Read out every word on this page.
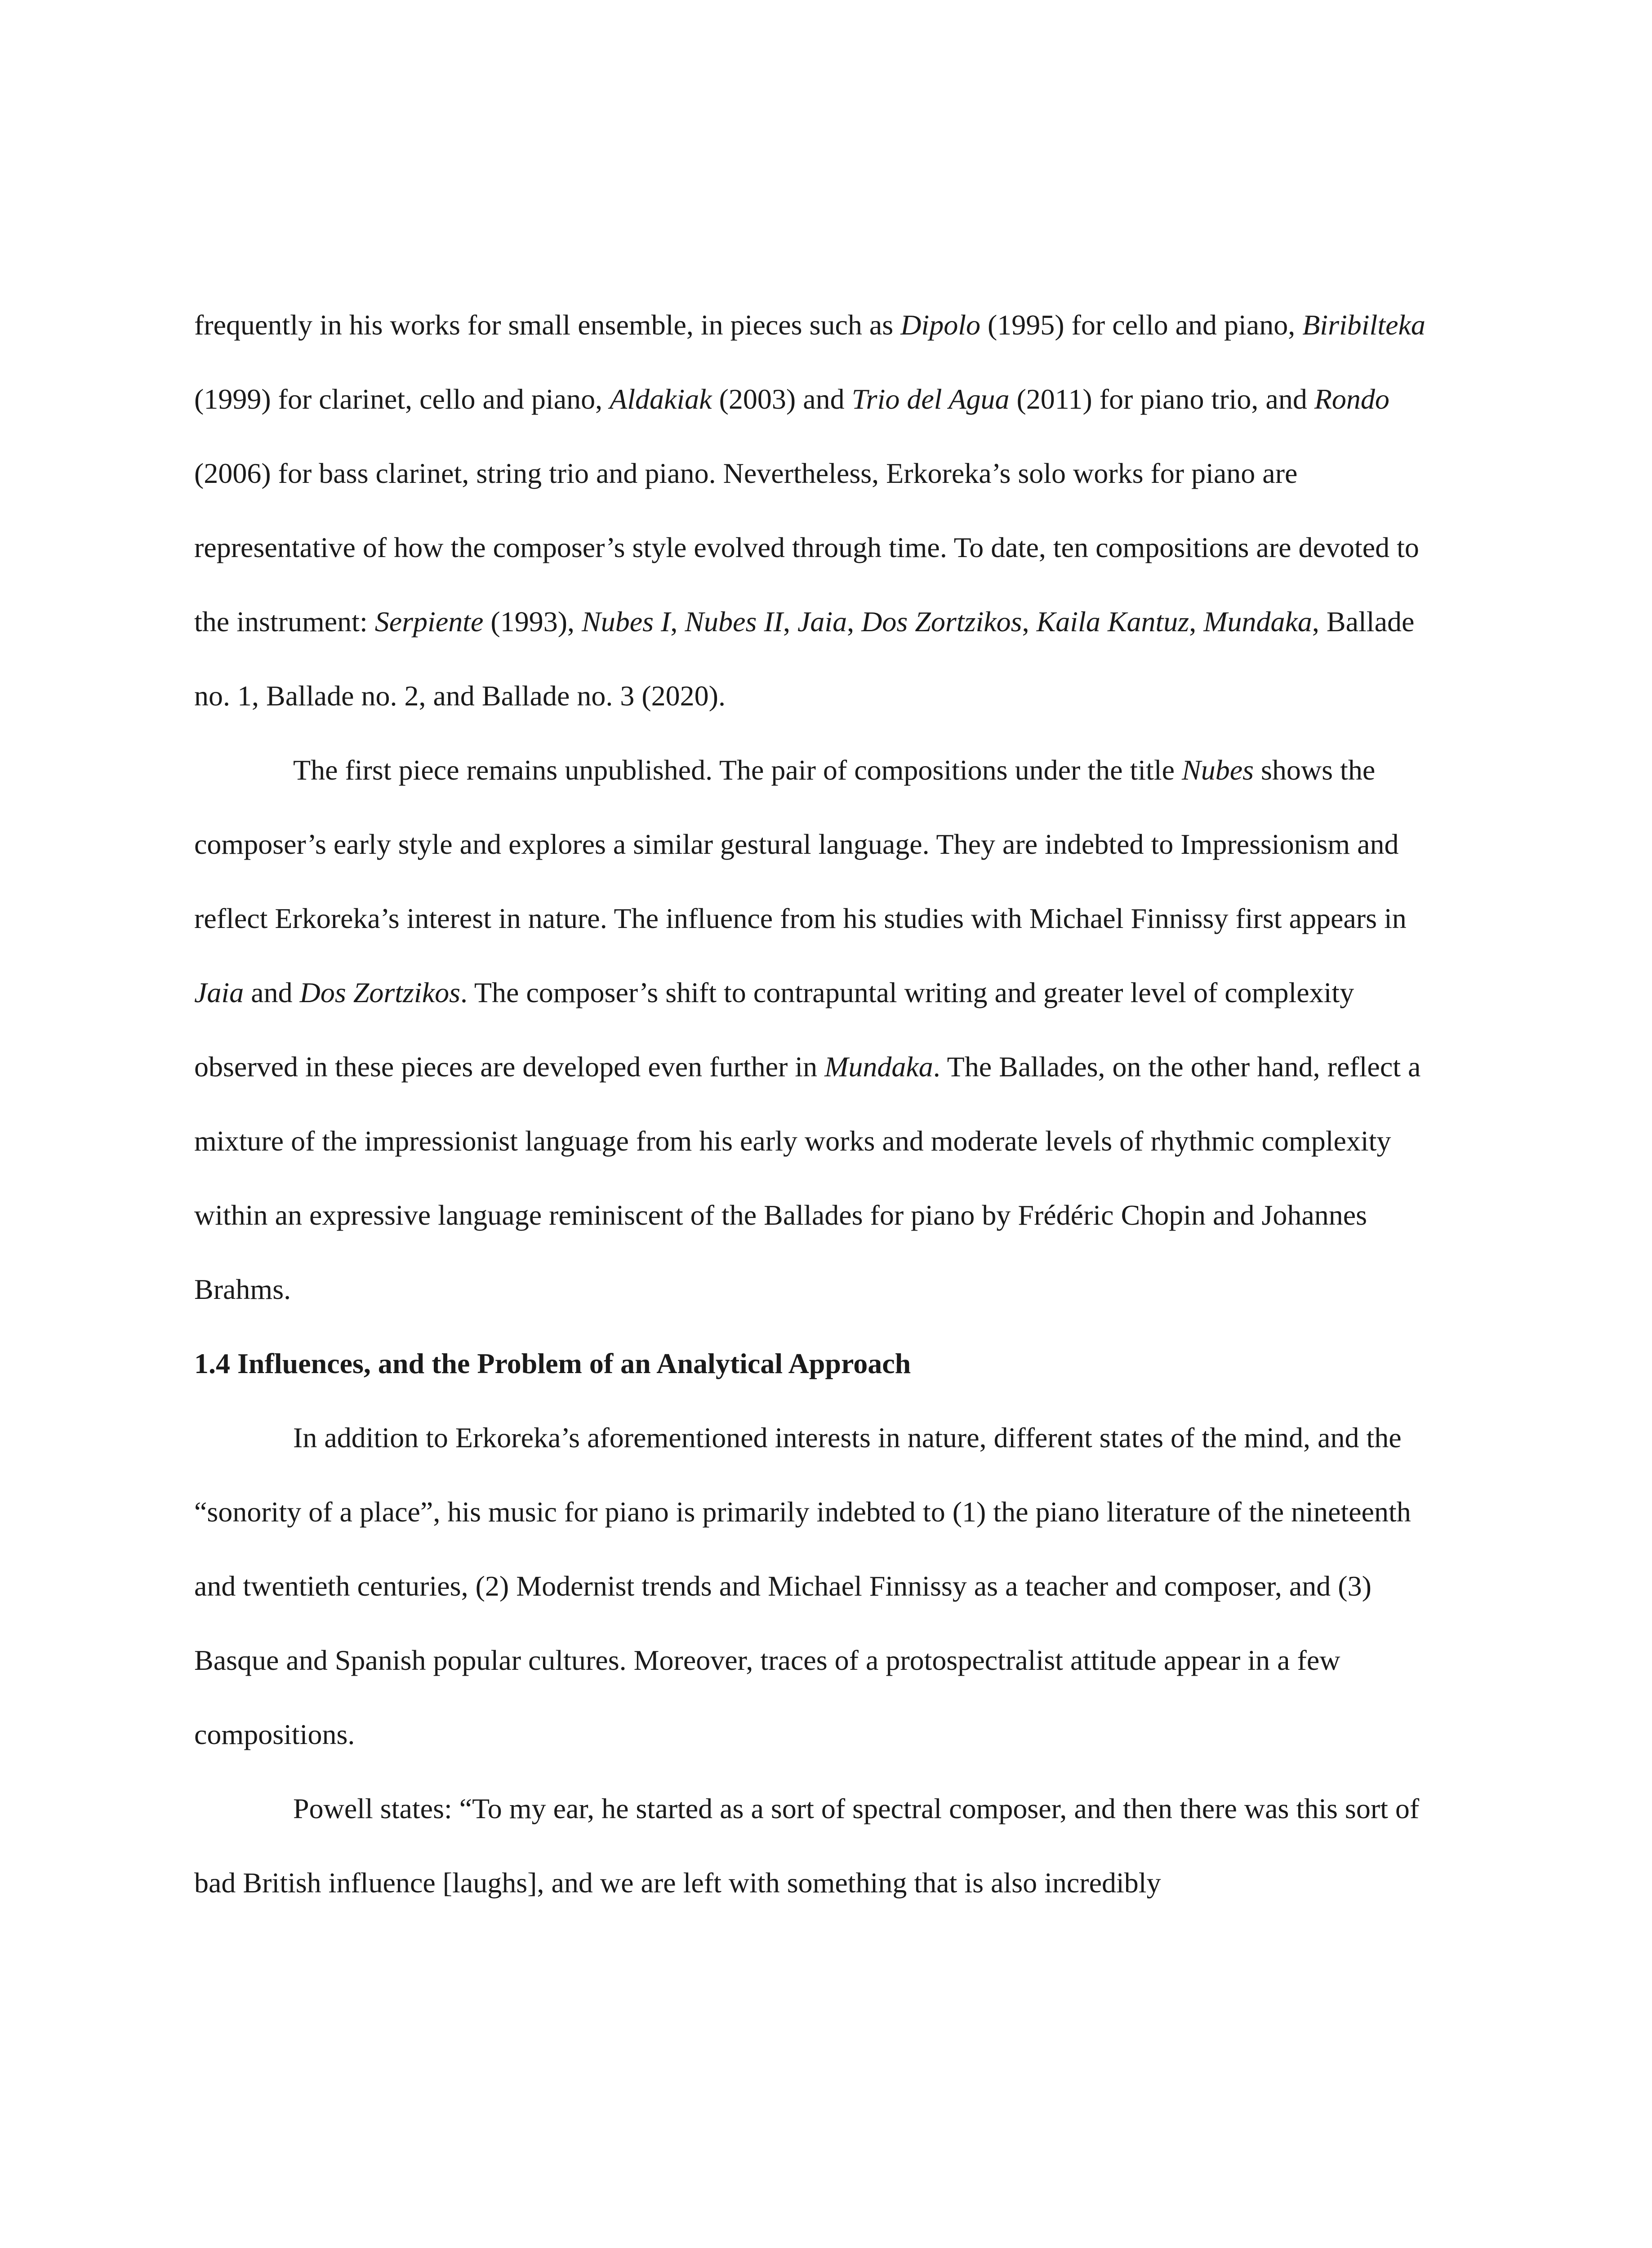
frequently in his works for small ensemble, in pieces such as Dipolo (1995) for cello and piano, Biribilteka (1999) for clarinet, cello and piano, Aldakiak (2003) and Trio del Agua (2011) for piano trio, and Rondo (2006) for bass clarinet, string trio and piano. Nevertheless, Erkoreka’s solo works for piano are representative of how the composer’s style evolved through time. To date, ten compositions are devoted to the instrument: Serpiente (1993), Nubes I, Nubes II, Jaia, Dos Zortzikos, Kaila Kantuz, Mundaka, Ballade no. 1, Ballade no. 2, and Ballade no. 3 (2020).

The first piece remains unpublished. The pair of compositions under the title Nubes shows the composer’s early style and explores a similar gestural language. They are indebted to Impressionism and reflect Erkoreka’s interest in nature. The influence from his studies with Michael Finnissy first appears in Jaia and Dos Zortzikos. The composer’s shift to contrapuntal writing and greater level of complexity observed in these pieces are developed even further in Mundaka. The Ballades, on the other hand, reflect a mixture of the impressionist language from his early works and moderate levels of rhythmic complexity within an expressive language reminiscent of the Ballades for piano by Frédéric Chopin and Johannes Brahms.

1.4 Influences, and the Problem of an Analytical Approach

In addition to Erkoreka’s aforementioned interests in nature, different states of the mind, and the “sonority of a place”, his music for piano is primarily indebted to (1) the piano literature of the nineteenth and twentieth centuries, (2) Modernist trends and Michael Finnissy as a teacher and composer, and (3) Basque and Spanish popular cultures. Moreover, traces of a protospectralist attitude appear in a few compositions.

Powell states: “To my ear, he started as a sort of spectral composer, and then there was this sort of bad British influence [laughs], and we are left with something that is also incredibly
